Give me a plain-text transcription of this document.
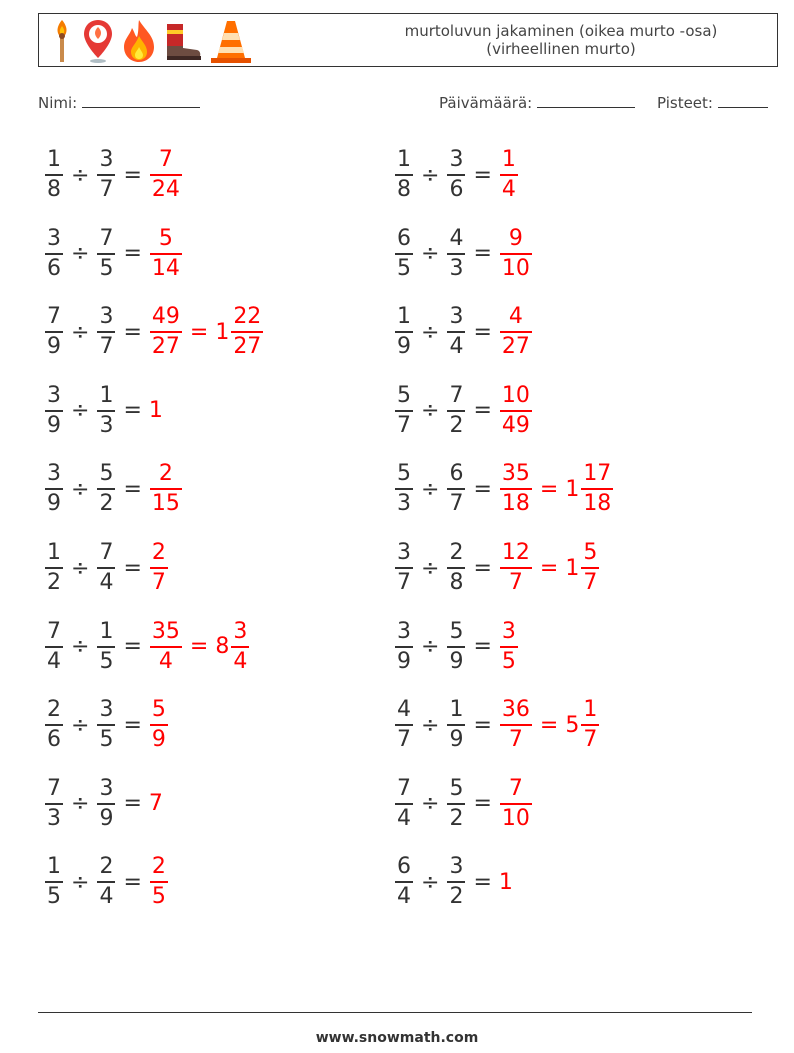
murtoluvun jakaminen (oikea murto -osa)
(virheellinen murto)
Nimi:	Päivämäärä:	Pisteet:
$\frac{1}{8} \div \frac{3}{7} = \frac{7}{24}$	$\frac{1}{8} \div \frac{3}{6} = \frac{1}{4}$
$\frac{3}{6} \div \frac{7}{5} = \frac{5}{14}$	$\frac{6}{5} \div \frac{4}{3} = \frac{9}{10}$
$\frac{7}{9} \div \frac{3}{7} = \frac{49}{27} = 1 \frac{22}{27}$	$\frac{1}{9} \div \frac{3}{4} = \frac{4}{27}$
$\frac{3}{9} \div \frac{1}{3} = 1$	$\frac{5}{7} \div \frac{7}{2} = \frac{10}{49}$
$\frac{3}{9} \div \frac{5}{2} = \frac{2}{15}$	$\frac{5}{3} \div \frac{6}{7} = \frac{35}{18} = 1 \frac{17}{18}$
$\frac{1}{2} \div \frac{7}{4} = \frac{2}{7}$	$\frac{3}{7} \div \frac{2}{8} = \frac{12}{7} = 1 \frac{5}{7}$
$\frac{7}{4} \div \frac{1}{5} = \frac{35}{4} = 8 \frac{3}{4}$	$\frac{3}{9} \div \frac{5}{9} = \frac{3}{5}$
$\frac{2}{6} \div \frac{3}{5} = \frac{5}{9}$	$\frac{4}{7} \div \frac{1}{9} = \frac{36}{7} = 5 \frac{1}{7}$
$\frac{7}{3} \div \frac{3}{9} = 7$	$\frac{7}{4} \div \frac{5}{2} = \frac{7}{10}$
$\frac{1}{5} \div \frac{2}{4} = \frac{2}{5}$	$\frac{6}{4} \div \frac{3}{2} = 1$
www.snowmath.com
